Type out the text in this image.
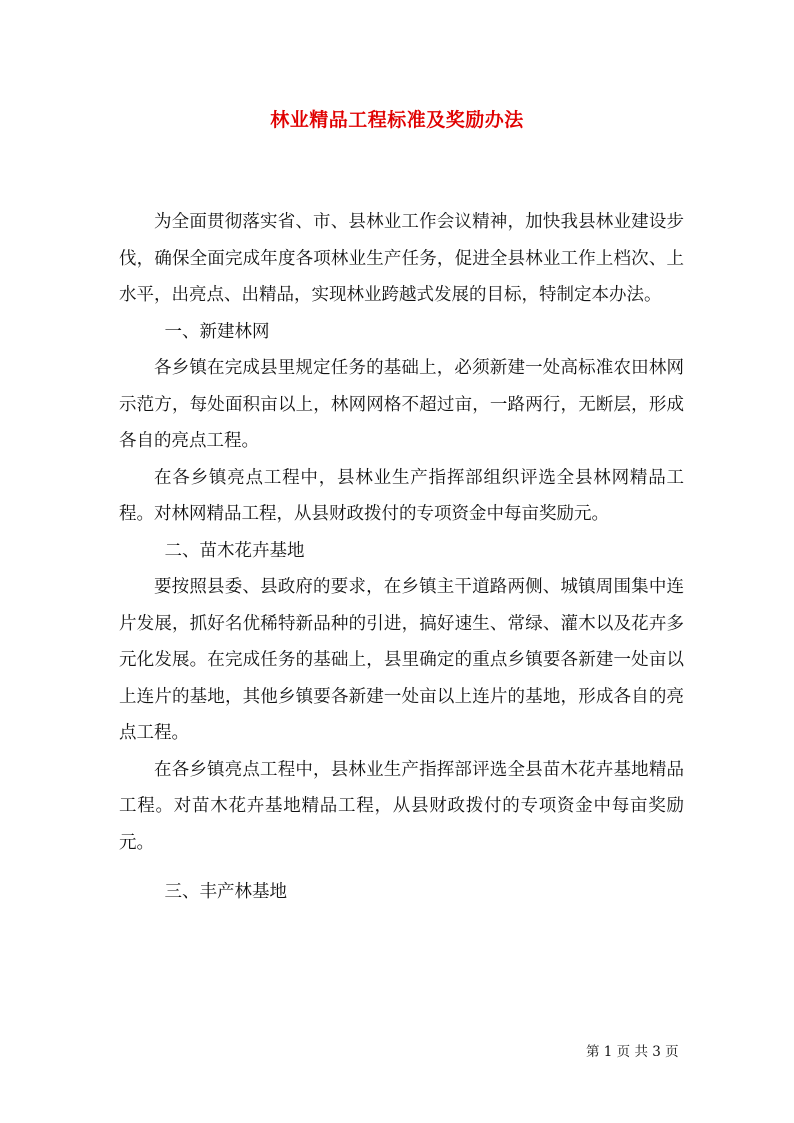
林业精品工程标准及奖励办法

为全面贯彻落实省、市、县林业工作会议精神，加快我县林业建设步伐，确保全面完成年度各项林业生产任务，促进全县林业工作上档次、上水平，出亮点、出精品，实现林业跨越式发展的目标，特制定本办法。

一、新建林网

各乡镇在完成县里规定任务的基础上，必须新建一处高标准农田林网示范方，每处面积亩以上，林网网格不超过亩，一路两行，无断层，形成各自的亮点工程。

在各乡镇亮点工程中，县林业生产指挥部组织评选全县林网精品工程。对林网精品工程，从县财政拨付的专项资金中每亩奖励元。

二、苗木花卉基地

要按照县委、县政府的要求，在乡镇主干道路两侧、城镇周围集中连片发展，抓好名优稀特新品种的引进，搞好速生、常绿、灌木以及花卉多元化发展。在完成任务的基础上，县里确定的重点乡镇要各新建一处亩以上连片的基地，其他乡镇要各新建一处亩以上连片的基地，形成各自的亮点工程。

在各乡镇亮点工程中，县林业生产指挥部评选全县苗木花卉基地精品工程。对苗木花卉基地精品工程，从县财政拨付的专项资金中每亩奖励元。

三、丰产林基地

第 1 页 共 3 页
